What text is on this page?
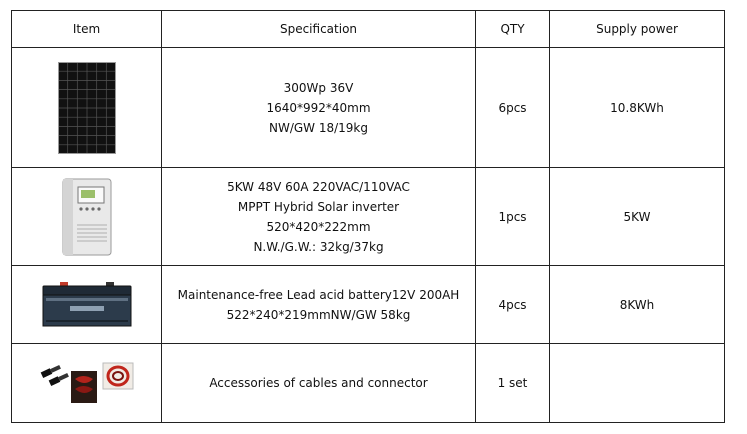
Item	Specification	QTY	Supply power

300Wp 36V
1640*992*40mm
NW/GW 18/19kg	6pcs	10.8KWh

5KW 48V 60A 220VAC/110VAC
MPPT Hybrid Solar inverter
520*420*222mm
N.W./G.W.: 32kg/37kg	1pcs	5KW

Maintenance-free Lead acid battery12V 200AH
522*240*219mmNW/GW 58kg	4pcs	8KWh

Accessories of cables and connector	1 set	
